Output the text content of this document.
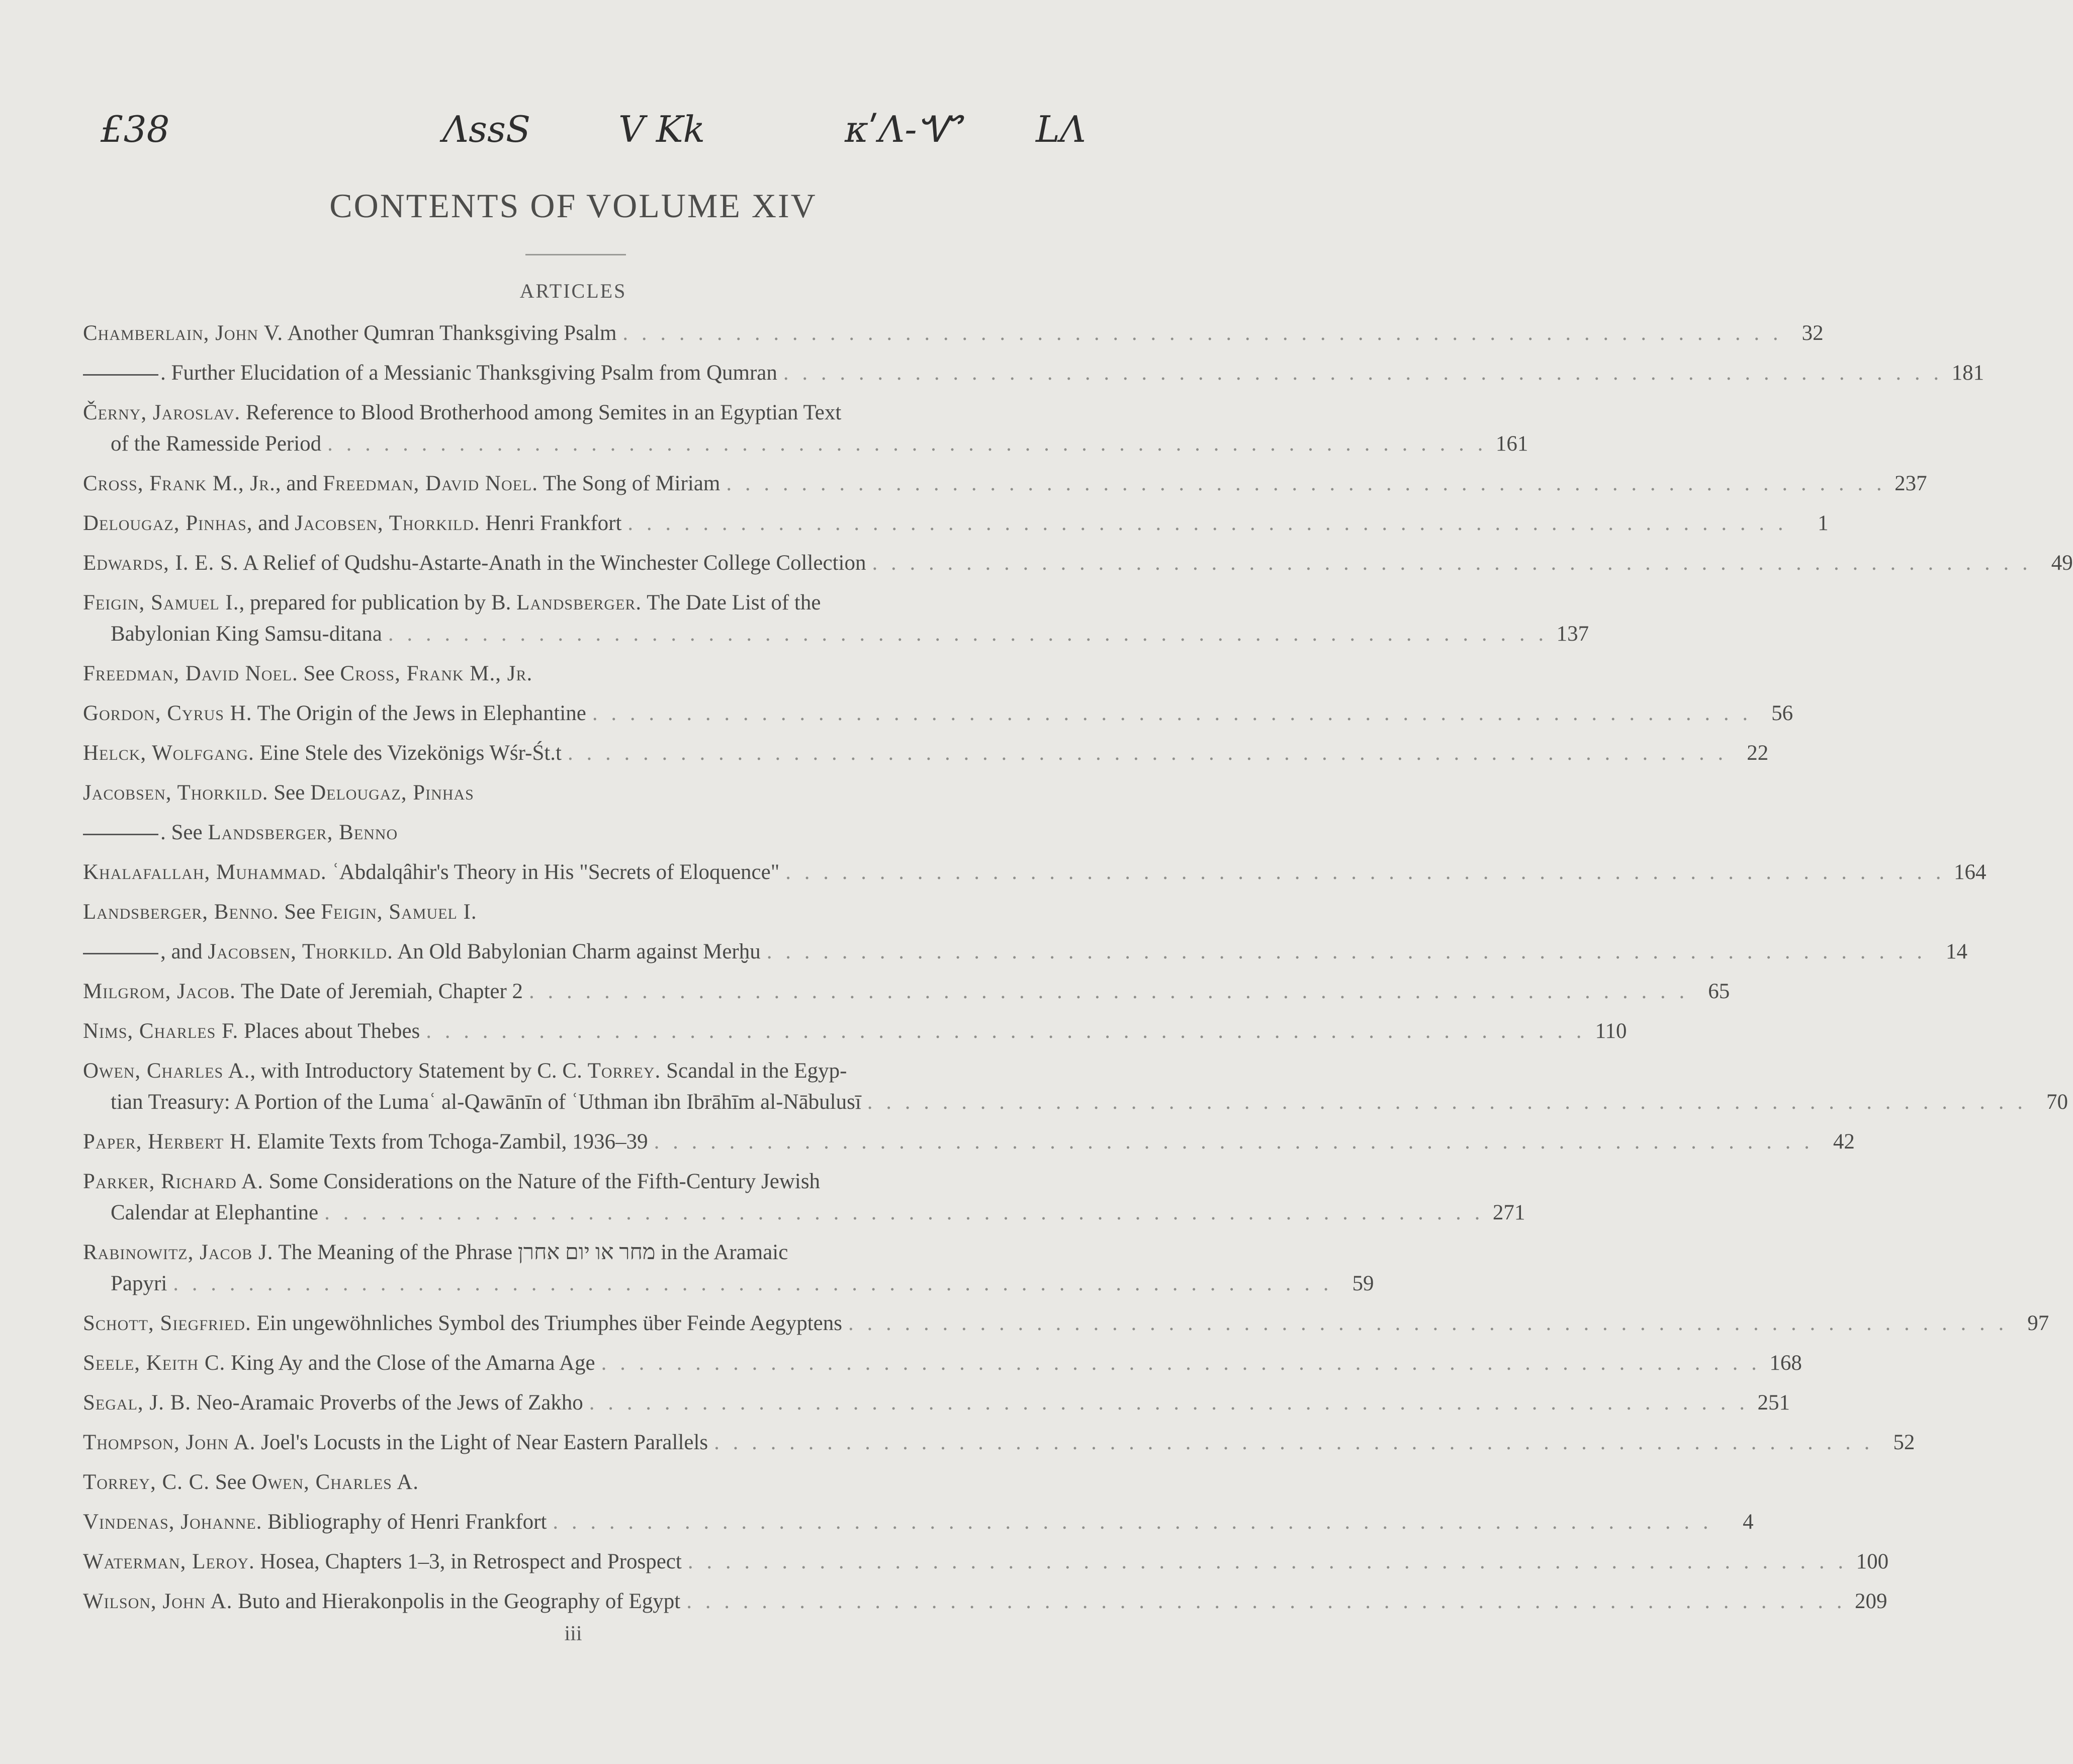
£38	ΛѕѕЅ V Kk	κʹΛ-Ꮙ LΛ
CONTENTS OF VOLUME XIV
ARTICLES
Chamberlain, John V. Another Qumran Thanksgiving Psalm . . .	32
. Further Elucidation of a Messianic Thanksgiving Psalm from Qumran . . .	181
Černy, Jaroslav. Reference to Blood Brotherhood among Semites in an Egyptian Text
of the Ramesside Period . . .	161
Cross, Frank M., Jr., and Freedman, David Noel. The Song of Miriam . . .	237
Delougaz, Pinhas, and Jacobsen, Thorkild. Henri Frankfort . . .	1
Edwards, I. E. S. A Relief of Qudshu-Astarte-Anath in the Winchester College Collection . . .	49
Feigin, Samuel I., prepared for publication by B. Landsberger. The Date List of the
Babylonian King Samsu-ditana . . .	137
Freedman, David Noel. See Cross, Frank M., Jr.
Gordon, Cyrus H. The Origin of the Jews in Elephantine . . .	56
Helck, Wolfgang. Eine Stele des Vizekönigs Wśr-Śt.t . . .	22
Jacobsen, Thorkild. See Delougaz, Pinhas
. See Landsberger, Benno
Khalafallah, Muhammad. ʿAbdalqâhir's Theory in His "Secrets of Eloquence" . . .	164
Landsberger, Benno. See Feigin, Samuel I.
, and Jacobsen, Thorkild. An Old Babylonian Charm against Merḫu . . .	14
Milgrom, Jacob. The Date of Jeremiah, Chapter 2 . . .	65
Nims, Charles F. Places about Thebes . . .	110
Owen, Charles A., with Introductory Statement by C. C. Torrey. Scandal in the Egyp-
tian Treasury: A Portion of the Lumaʿ al-Qawānīn of ʿUthman ibn Ibrāhīm al-Nābulusī . . .	70
Paper, Herbert H. Elamite Texts from Tchoga-Zambil, 1936–39 . . .	42
Parker, Richard A. Some Considerations on the Nature of the Fifth-Century Jewish
Calendar at Elephantine . . .	271
Rabinowitz, Jacob J. The Meaning of the Phrase מחר או יום אחרן in the Aramaic
Papyri . . .	59
Schott, Siegfried. Ein ungewöhnliches Symbol des Triumphes über Feinde Aegyptens . . .	97
Seele, Keith C. King Ay and the Close of the Amarna Age . . .	168
Segal, J. B. Neo-Aramaic Proverbs of the Jews of Zakho . . .	251
Thompson, John A. Joel's Locusts in the Light of Near Eastern Parallels . . .	52
Torrey, C. C. See Owen, Charles A.
Vindenas, Johanne. Bibliography of Henri Frankfort . . .	4
Waterman, Leroy. Hosea, Chapters 1–3, in Retrospect and Prospect . . .	100
Wilson, John A. Buto and Hierakonpolis in the Geography of Egypt . . .	209
iii
